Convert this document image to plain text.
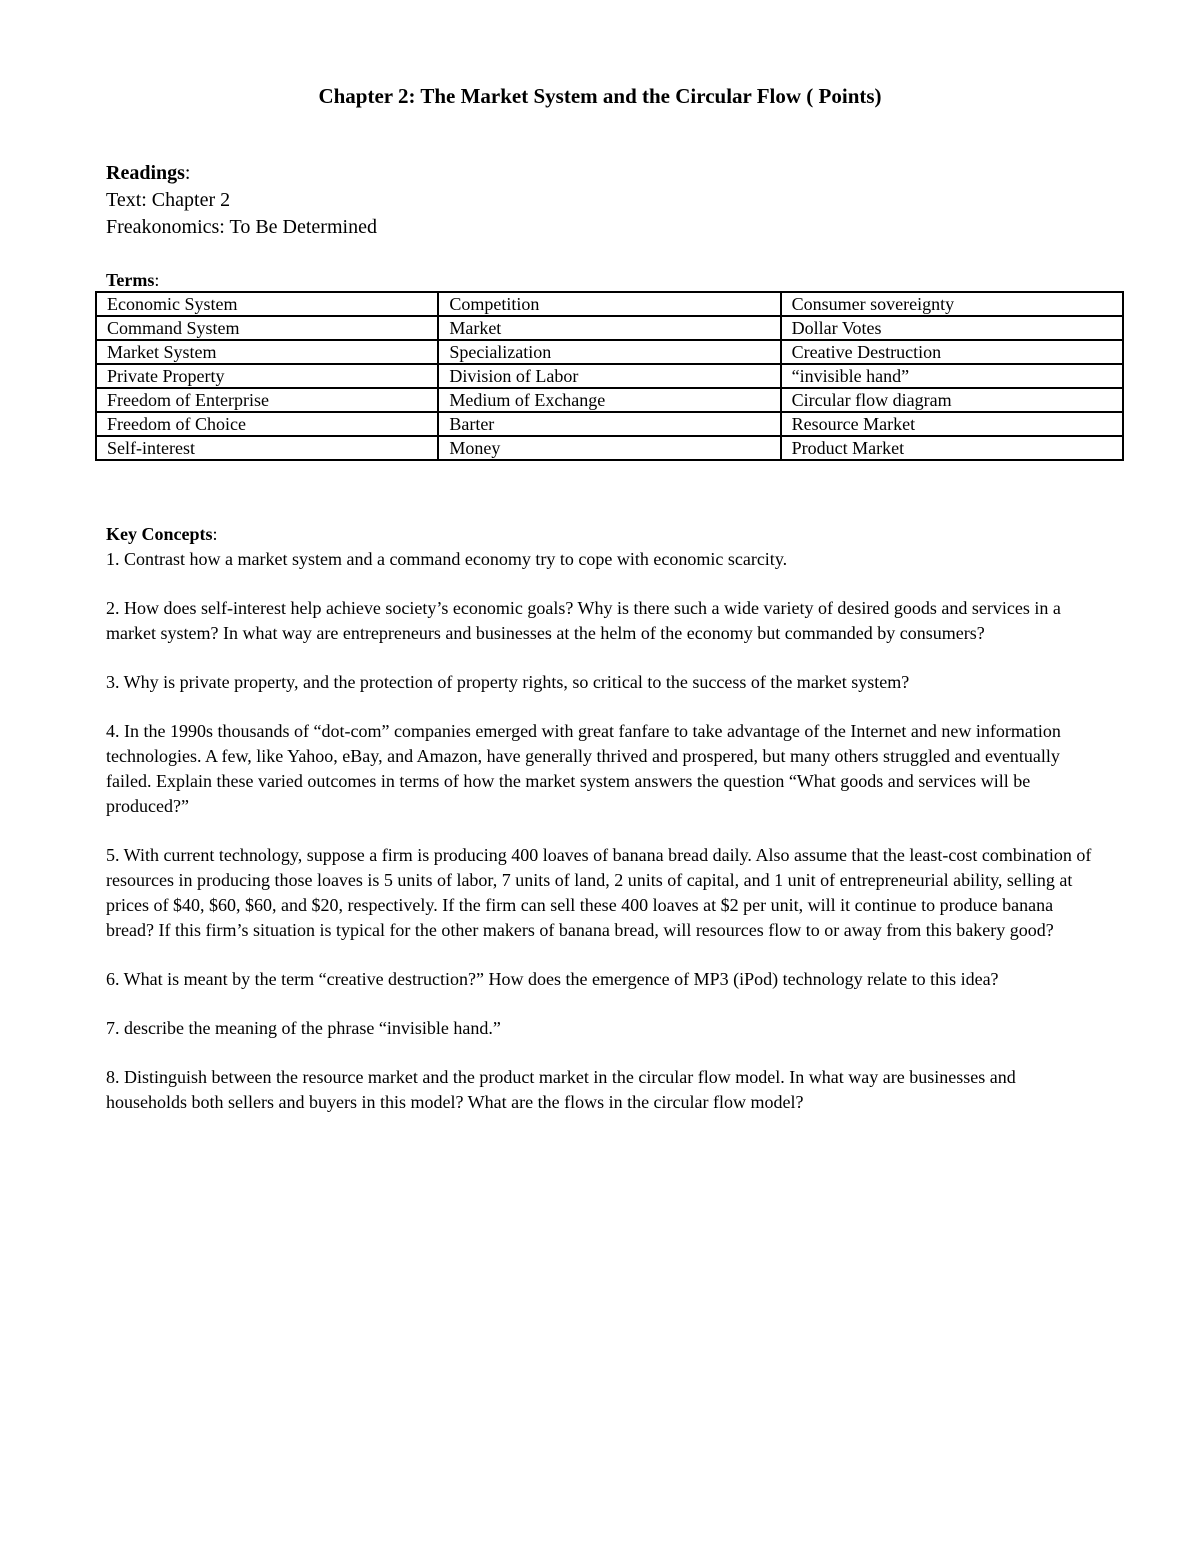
Chapter 2: The Market System and the Circular Flow ( Points)
Readings:
Text: Chapter 2
Freakonomics: To Be Determined
Terms:
Economic System	Competition	Consumer sovereignty
Command System	Market	Dollar Votes
Market System	Specialization	Creative Destruction
Private Property	Division of Labor	“invisible hand”
Freedom of Enterprise	Medium of Exchange	Circular flow diagram
Freedom of Choice	Barter	Resource Market
Self-interest	Money	Product Market

Key Concepts:

1. Contrast how a market system and a command economy try to cope with economic scarcity.

2. How does self-interest help achieve society’s economic goals? Why is there such a wide variety of desired goods and services in a market system? In what way are entrepreneurs and businesses at the helm of the economy but commanded by consumers?

3. Why is private property, and the protection of property rights, so critical to the success of the market system?

4. In the 1990s thousands of “dot-com” companies emerged with great fanfare to take advantage of the Internet and new information technologies. A few, like Yahoo, eBay, and Amazon, have generally thrived and prospered, but many others struggled and eventually failed. Explain these varied outcomes in terms of how the market system answers the question “What goods and services will be produced?”

5. With current technology, suppose a firm is producing 400 loaves of banana bread daily. Also assume that the least-cost combination of resources in producing those loaves is 5 units of labor, 7 units of land, 2 units of capital, and 1 unit of entrepreneurial ability, selling at prices of $40, $60, $60, and $20, respectively. If the firm can sell these 400 loaves at $2 per unit, will it continue to produce banana bread? If this firm’s situation is typical for the other makers of banana bread, will resources flow to or away from this bakery good?

6. What is meant by the term “creative destruction?” How does the emergence of MP3 (iPod) technology relate to this idea?

7. describe the meaning of the phrase “invisible hand.”

8. Distinguish between the resource market and the product market in the circular flow model. In what way are businesses and households both sellers and buyers in this model? What are the flows in the circular flow model?
